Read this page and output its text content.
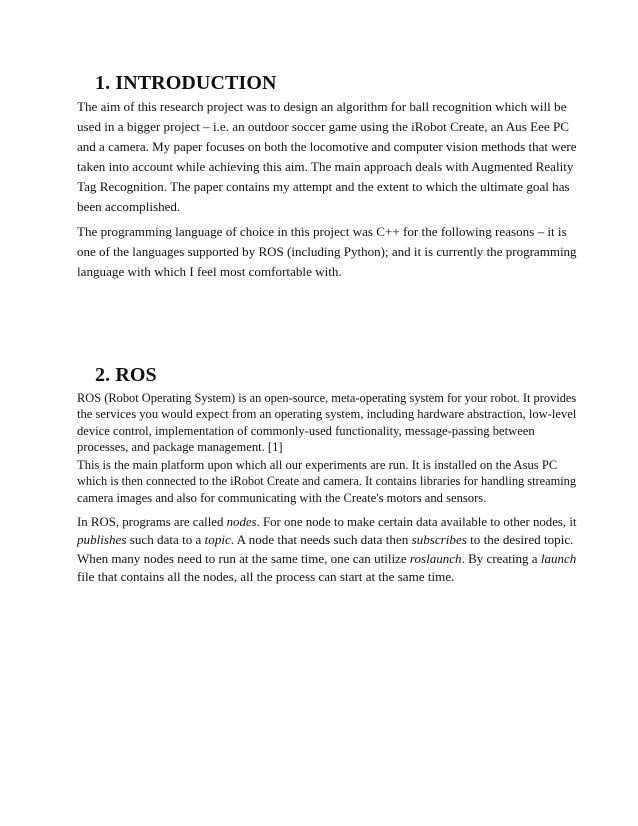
1. INTRODUCTION
The aim of this research project was to design an algorithm for ball recognition which will be
used in a bigger project – i.e. an outdoor soccer game using the iRobot Create, an Aus Eee PC
and a camera. My paper focuses on both the locomotive and computer vision methods that were
taken into account while achieving this aim. The main approach deals with Augmented Reality
Tag Recognition. The paper contains my attempt and the extent to which the ultimate goal has
been accomplished.
The programming language of choice in this project was C++ for the following reasons – it is
one of the languages supported by ROS (including Python); and it is currently the programming
language with which I feel most comfortable with.
2. ROS
ROS (Robot Operating System) is an open-source, meta-operating system for your robot. It provides
the services you would expect from an operating system, including hardware abstraction, low-level
device control, implementation of commonly-used functionality, message-passing between
processes, and package management. [1]
This is the main platform upon which all our experiments are run. It is installed on the Asus PC
which is then connected to the iRobot Create and camera. It contains libraries for handling streaming
camera images and also for communicating with the Create's motors and sensors.
In ROS, programs are called nodes. For one node to make certain data available to other nodes, it
publishes such data to a topic. A node that needs such data then subscribes to the desired topic.
When many nodes need to run at the same time, one can utilize roslaunch. By creating a launch
file that contains all the nodes, all the process can start at the same time.
